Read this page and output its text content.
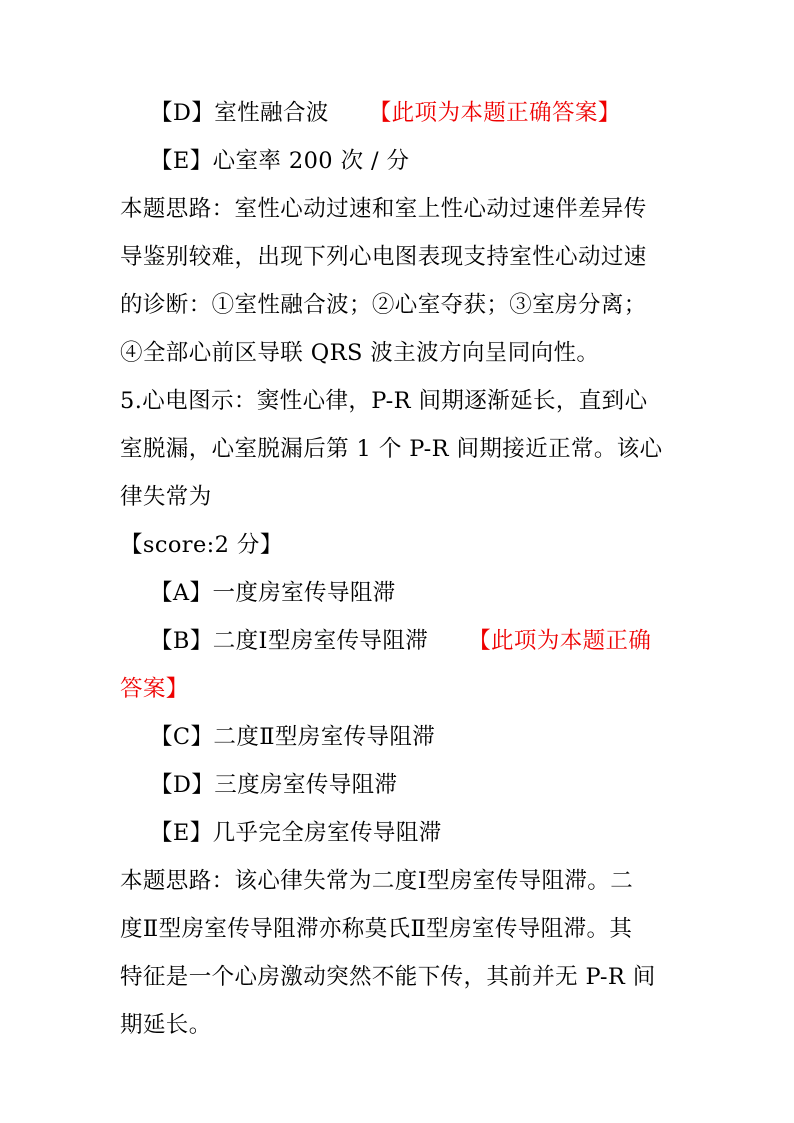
【D】室性融合波 【此项为本题正确答案】
【E】心室率 200 次 / 分
本题思路：室性心动过速和室上性心动过速伴差异传
导鉴别较难，出现下列心电图表现支持室性心动过速
的诊断：①室性融合波；②心室夺获；③室房分离；
④全部心前区导联 QRS 波主波方向呈同向性。
5.心电图示：窦性心律，P-R 间期逐渐延长，直到心
室脱漏，心室脱漏后第 1 个 P-R 间期接近正常。该心
律失常为
【score:2 分】
【A】一度房室传导阻滞
【B】二度Ⅰ型房室传导阻滞 【此项为本题正确
答案】
【C】二度Ⅱ型房室传导阻滞
【D】三度房室传导阻滞
【E】几乎完全房室传导阻滞
本题思路：该心律失常为二度Ⅰ型房室传导阻滞。二
度Ⅱ型房室传导阻滞亦称莫氏Ⅱ型房室传导阻滞。其
特征是一个心房激动突然不能下传，其前并无 P-R 间
期延长。
